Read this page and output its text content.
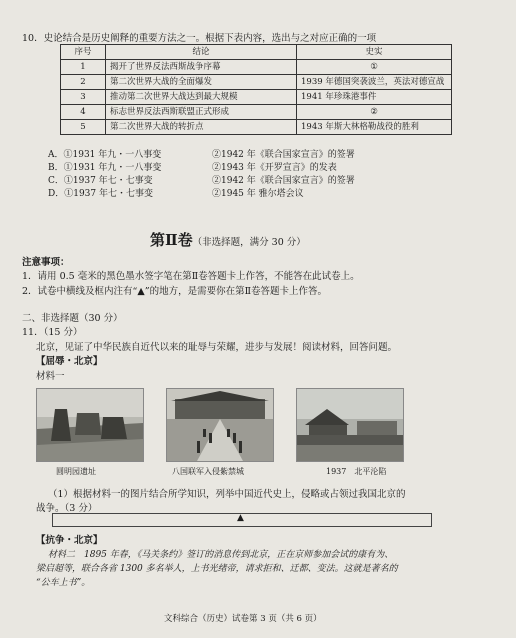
10．史论结合是历史阐释的重要方法之一。根据下表内容，选出与之对应正确的一项
序号	结论	史实
1	揭开了世界反法西斯战争序幕	①
2	第二次世界大战的全面爆发	1939 年德国突袭波兰，英法对德宣战
3	推动第二次世界大战达到最大规模	1941 年珍珠港事件
4	标志世界反法西斯联盟正式形成	②
5	第二次世界大战的转折点	1943 年斯大林格勒战役的胜利
A．①1931 年九・一八事变	②1942 年《联合国家宣言》的签署
B．①1931 年九・一八事变	②1943 年《开罗宣言》的发表
C．①1937 年七・七事变	②1942 年《联合国家宣言》的签署
D．①1937 年七・七事变	②1945 年 雅尔塔会议
第Ⅱ卷（非选择题，满分 30 分）
注意事项：
1．请用 0.5 毫米的黑色墨水签字笔在第Ⅱ卷答题卡上作答，不能答在此试卷上。
2．试卷中横线及框内注有“▲”的地方，是需要你在第Ⅱ卷答题卡上作答。
二、非选择题（30 分）
11．（15 分）
北京，见证了中华民族自近代以来的耻辱与荣耀，进步与发展！阅读材料，回答问题。
【屈辱・北京】
材料一
圆明园遗址	八国联军入侵紫禁城	1937　北平沦陷
（1）根据材料一的图片结合所学知识，列举中国近代史上，侵略或占领过我国北京的
战争。（3 分）
▲
【抗争・北京】
材料二　1895 年春，《马关条约》签订的消息传到北京，正在京师参加会试的康有为、
梁启超等，联合各省 1300 多名举人，上书光绪帝，请求拒和、迁都、变法。这就是著名的
“公车上书”。
文科综合（历史）试卷第 3 页（共 6 页）
